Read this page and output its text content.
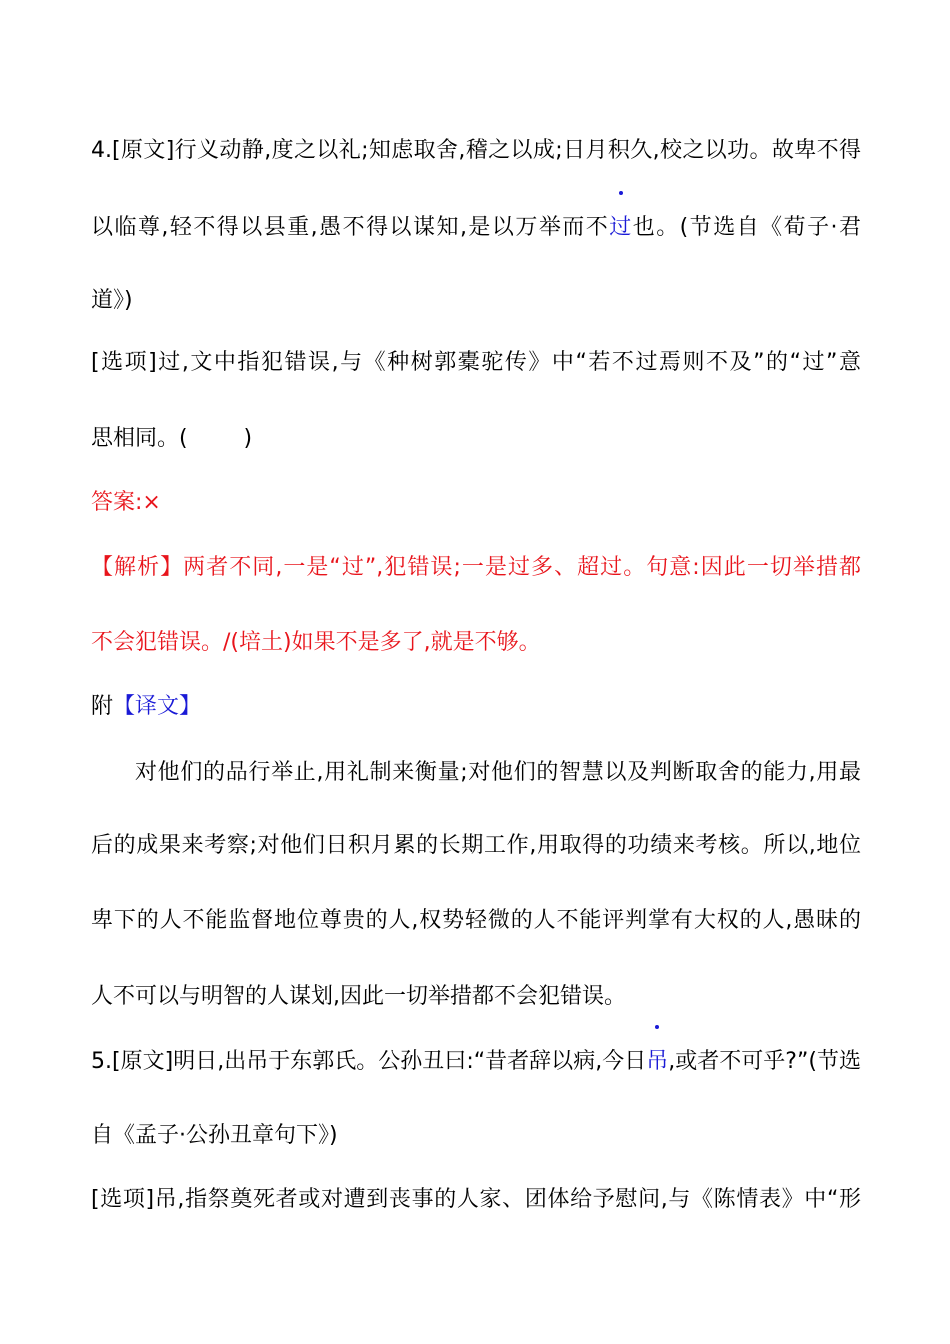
4.[原文]行义动静,度之以礼;知虑取舍,稽之以成;日月积久,校之以功。故卑不得
以临尊,轻不得以县重,愚不得以谋知,是以万举而不过也。(节选自《荀子·君
道》)
[选项]过,文中指犯错误,与《种树郭橐驼传》中“若不过焉则不及”的“过”意
思相同。(        )
答案:×
【解析】两者不同,一是“过”,犯错误;一是过多、超过。句意:因此一切举措都
不会犯错误。/(培土)如果不是多了,就是不够。
附【译文】
对他们的品行举止,用礼制来衡量;对他们的智慧以及判断取舍的能力,用最
后的成果来考察;对他们日积月累的长期工作,用取得的功绩来考核。所以,地位
卑下的人不能监督地位尊贵的人,权势轻微的人不能评判掌有大权的人,愚昧的
人不可以与明智的人谋划,因此一切举措都不会犯错误。
5.[原文]明日,出吊于东郭氏。公孙丑曰:“昔者辞以病,今日吊,或者不可乎?”(节选
自《孟子·公孙丑章句下》)
[选项]吊,指祭奠死者或对遭到丧事的人家、团体给予慰问,与《陈情表》中“形
